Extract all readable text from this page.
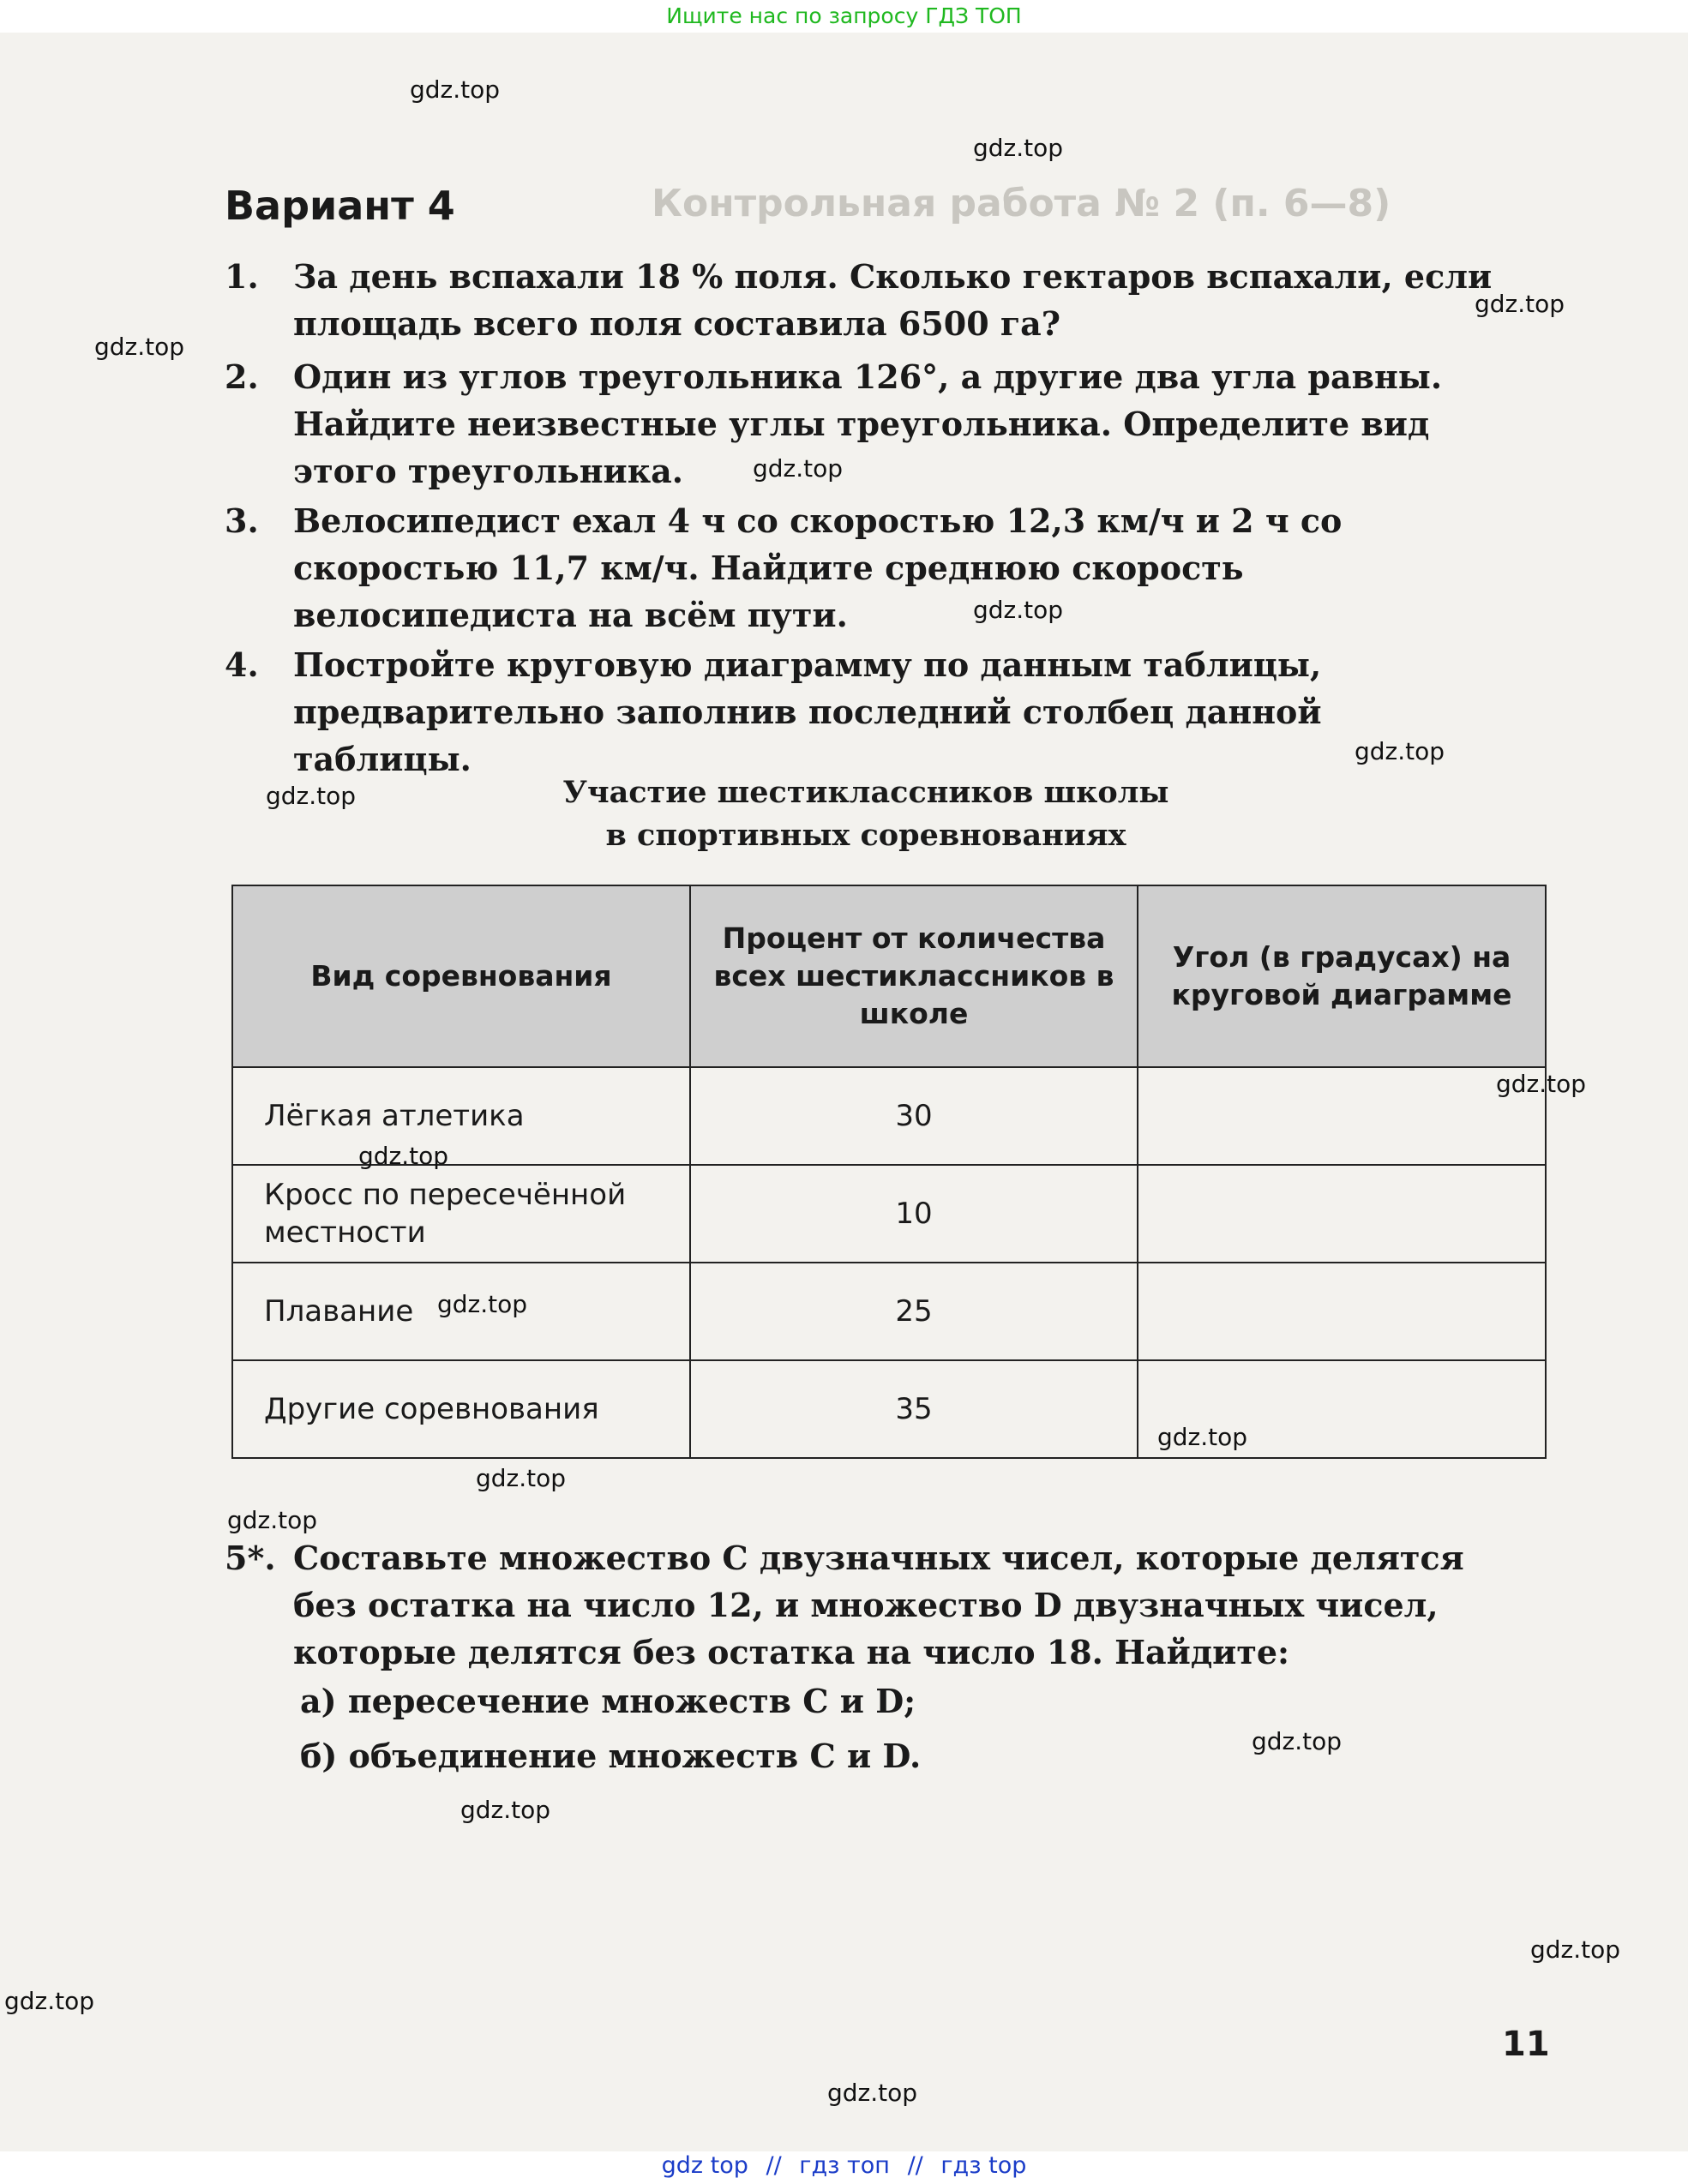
Ищите нас по запросу ГДЗ ТОП
Контрольная работа № 2 (п. 6—8)
Вариант 4
1. За день вспахали 18 % поля. Сколько гектаров вспахали, если площадь всего поля составила 6500 га?
2. Один из углов треугольника 126°, а другие два угла равны. Найдите неизвестные углы треугольника. Определите вид этого треугольника.
3. Велосипедист ехал 4 ч со скоростью 12,3 км/ч и 2 ч со скоростью 11,7 км/ч. Найдите среднюю скорость велосипедиста на всём пути.
4. Постройте круговую диаграмму по данным таблицы, предварительно заполнив последний столбец данной таблицы.
Участие шестиклассников школы
в спортивных соревнованиях
Вид соревнования	Процент от количества всех шестиклассников в школе	Угол (в градусах) на круговой диаграмме
Лёгкая атлетика	30	
Кросс по пересечённой местности	10	
Плавание	25	
Другие соревнования	35	
5*. Составьте множество C двузначных чисел, которые делятся без остатка на число 12, и множество D двузначных чисел, которые делятся без остатка на число 18. Найдите:
а) пересечение множеств C и D;
б) объединение множеств C и D.
11
gdz.top
gdz.top
gdz.top
gdz.top
gdz.top
gdz.top
gdz.top
gdz.top
gdz.top
gdz.top
gdz.top
gdz.top
gdz.top
gdz.top
gdz.top
gdz.top
gdz.top
gdz.top
gdz.top
gdz top // гдз топ // гдз top
